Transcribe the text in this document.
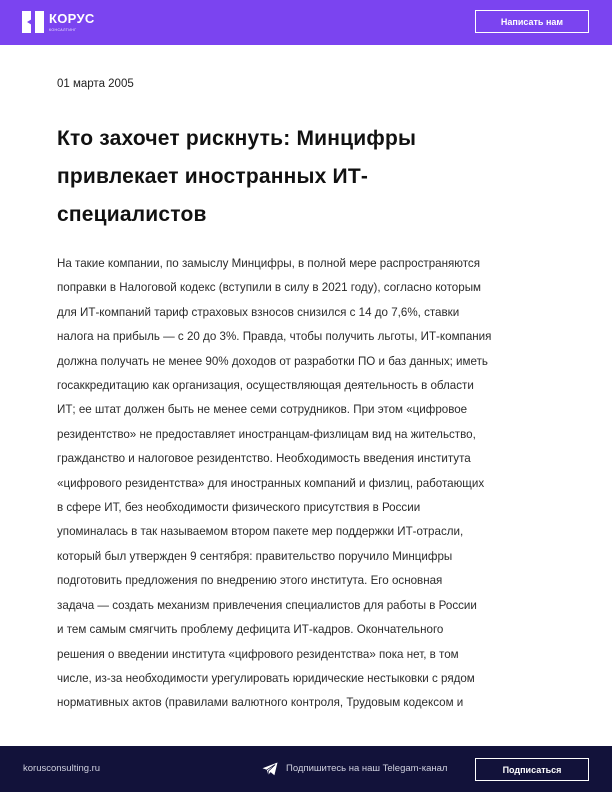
КОРУС
КОНСАЛТИНГ
Написать нам
01 марта 2005
Кто захочет рискнуть: Минцифры
привлекает иностранных ИТ-
специалистов
На такие компании, по замыслу Минцифры, в полной мере распространяются
поправки в Налоговой кодекс (вступили в силу в 2021 году), согласно которым
для ИТ-компаний тариф страховых взносов снизился с 14 до 7,6%, ставки
налога на прибыль — с 20 до 3%. Правда, чтобы получить льготы, ИТ-компания
должна получать не менее 90% доходов от разработки ПО и баз данных; иметь
госаккредитацию как организация, осуществляющая деятельность в области
ИТ; ее штат должен быть не менее семи сотрудников. При этом «цифровое
резидентство» не предоставляет иностранцам-физлицам вид на жительство,
гражданство и налоговое резидентство. Необходимость введения института
«цифрового резидентства» для иностранных компаний и физлиц, работающих
в сфере ИТ, без необходимости физического присутствия в России
упоминалась в так называемом втором пакете мер поддержки ИТ-отрасли,
который был утвержден 9 сентября: правительство поручило Минцифры
подготовить предложения по внедрению этого института. Его основная
задача — создать механизм привлечения специалистов для работы в России
и тем самым смягчить проблему дефицита ИТ-кадров. Окончательного
решения о введении института «цифрового резидентства» пока нет, в том
числе, из-за необходимости урегулировать юридические нестыковки с рядом
нормативных актов (правилами валютного контроля, Трудовым кодексом и
korusconsulting.ru	Подпишитесь на наш Telegam-канал	Подписаться
